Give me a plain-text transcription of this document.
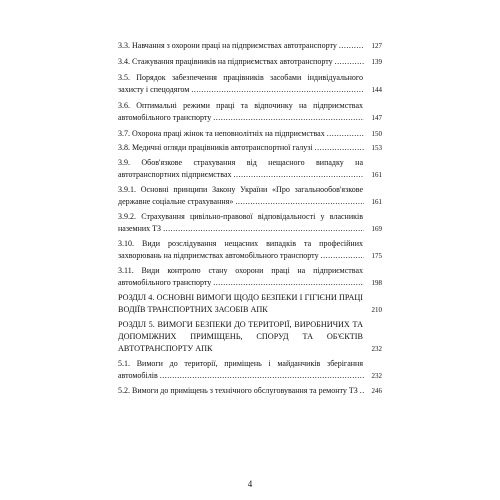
3.3. Навчання з охорони праці на підприємствах автотранспорту .....	127
3.4. Стажування працівників на підприємствах автотранспорту .....	139
3.5. Порядок забезпечення працівників засобами індивідуального захисту і спецодягом .....	144
3.6. Оптимальні режими праці та відпочинку на підприємствах автомобільного транспорту .....	147
3.7. Охорона праці жінок та неповнолітніх на підприємствах .....	150
3.8. Медичні огляди працівників автотранспортної галузі .....	153
3.9. Обов'язкове страхування від нещасного випадку на автотранспортних підприємствах .....	161
3.9.1. Основні принципи Закону України «Про загальнообов'язкове державне соціальне страхування» .....	161
3.9.2. Страхування цивільно-правової відповідальності у власників наземних ТЗ .....	169
3.10. Види розслідування нещасних випадків та професійних захворювань на підприємствах автомобільного транспорту .....	175
3.11. Види контролю стану охорони праці на підприємствах автомобільного транспорту .....	198
РОЗДІЛ 4. ОСНОВНІ ВИМОГИ ЩОДО БЕЗПЕКИ І ГІГІЄНИ ПРАЦІ ВОДІЇВ ТРАНСПОРТНИХ ЗАСОБІВ АПК	210
РОЗДІЛ 5. ВИМОГИ БЕЗПЕКИ ДО ТЕРИТОРІЇ, ВИРОБНИЧИХ ТА ДОПОМІЖНИХ ПРИМІЩЕНЬ, СПОРУД ТА ОБ'ЄКТІВ АВТОТРАНСПОРТУ АПК	232
5.1. Вимоги до території, приміщень і майданчиків зберігання автомобілів .....	232
5.2. Вимоги до приміщень з технічного обслуговування та ремонту ТЗ .....	246
4
